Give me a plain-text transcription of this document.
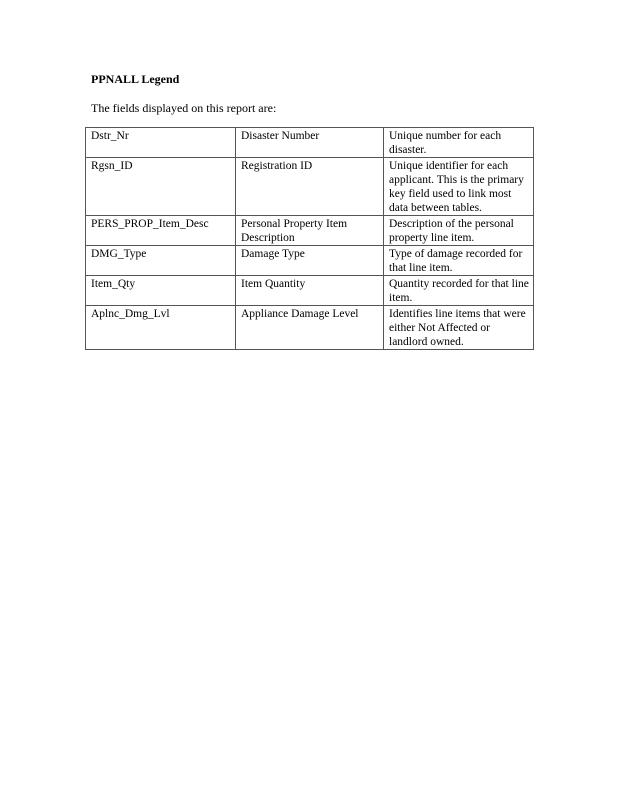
PPNALL Legend
The fields displayed on this report are:
Dstr_Nr	Disaster Number	Unique number for each disaster.
Rgsn_ID	Registration ID	Unique identifier for each applicant. This is the primary key field used to link most data between tables.
PERS_PROP_Item_Desc	Personal Property Item Description	Description of the personal property line item.
DMG_Type	Damage Type	Type of damage recorded for that line item.
Item_Qty	Item Quantity	Quantity recorded for that line item.
Aplnc_Dmg_Lvl	Appliance Damage Level	Identifies line items that were either Not Affected or landlord owned.
